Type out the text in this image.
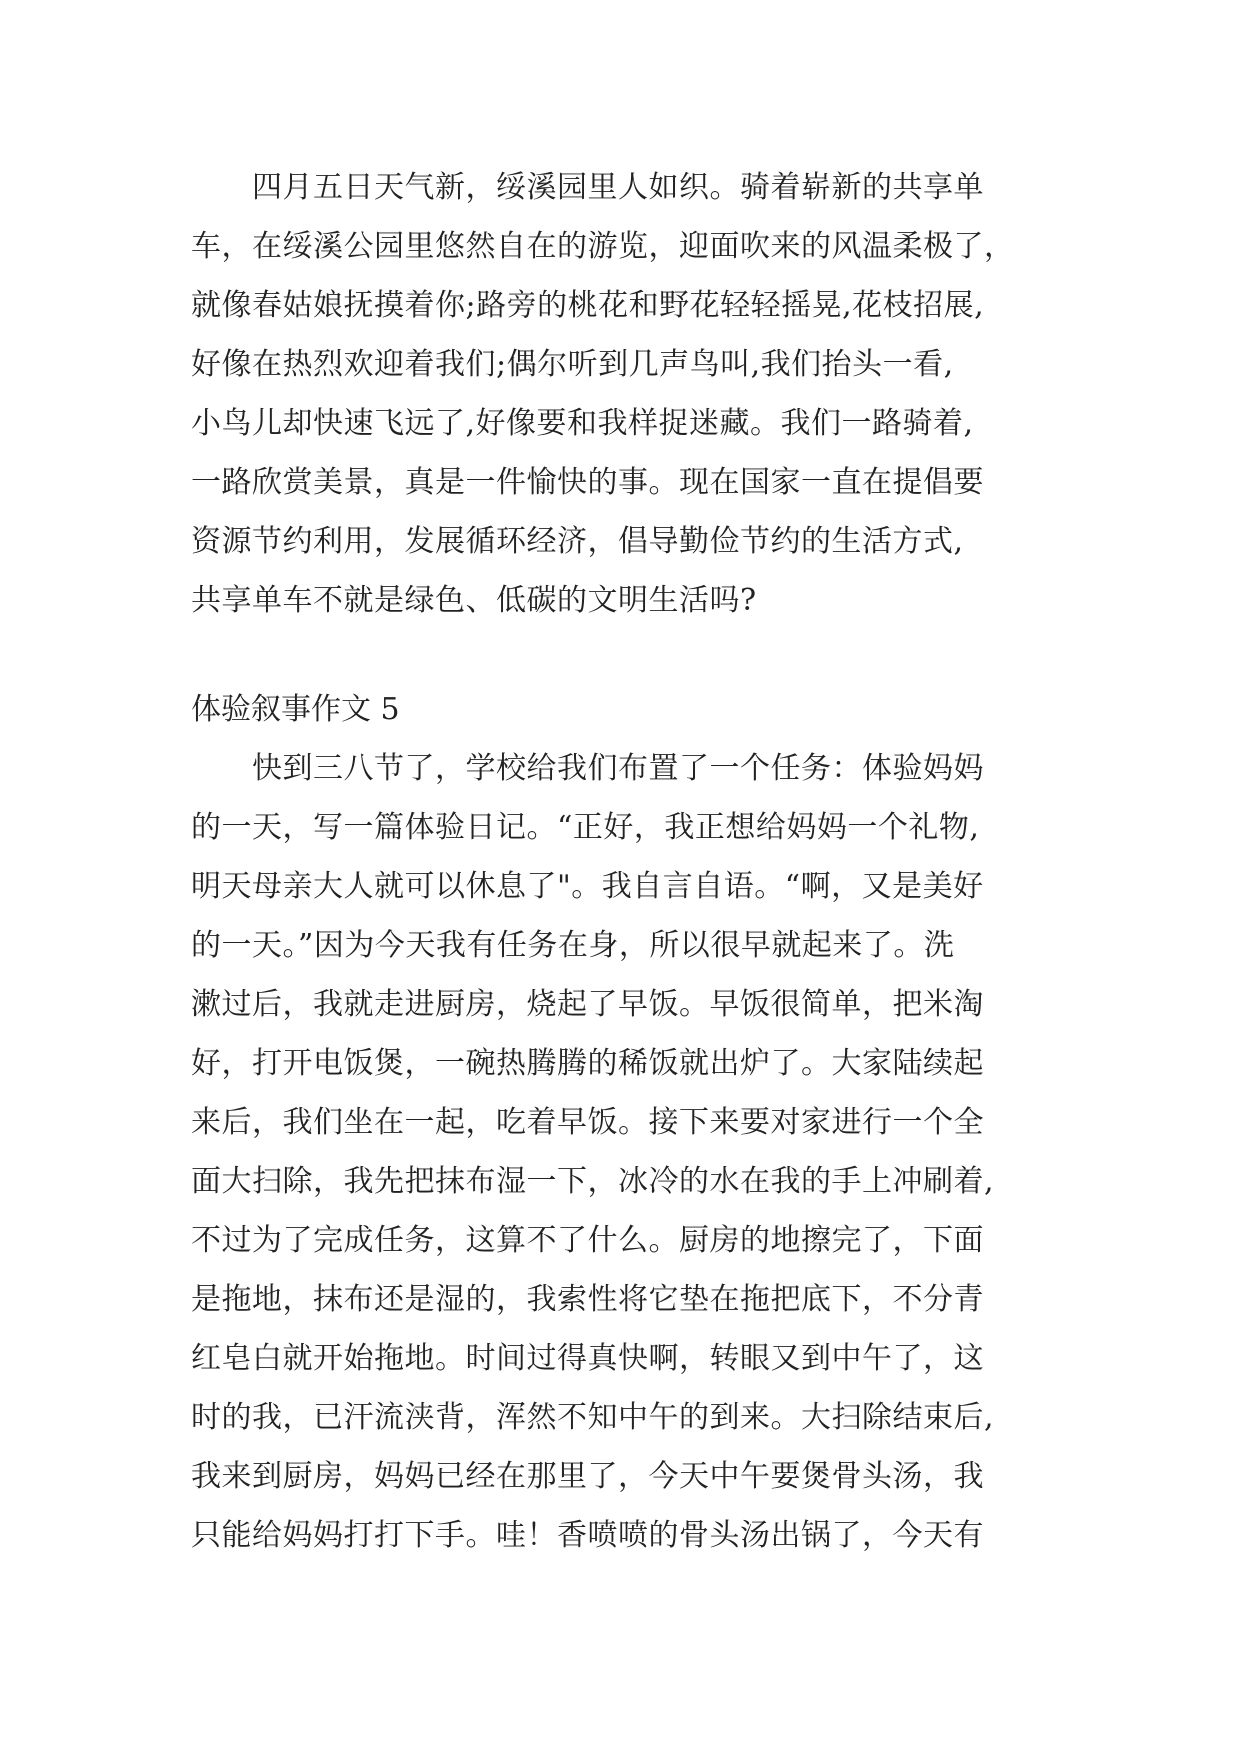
　　四月五日天气新，绥溪园里人如织。骑着崭新的共享单
车，在绥溪公园里悠然自在的游览，迎面吹来的风温柔极了，
就像春姑娘抚摸着你;路旁的桃花和野花轻轻摇晃,花枝招展,
好像在热烈欢迎着我们;偶尔听到几声鸟叫,我们抬头一看,
小鸟儿却快速飞远了,好像要和我样捉迷藏。我们一路骑着,
一路欣赏美景，真是一件愉快的事。现在国家一直在提倡要
资源节约利用，发展循环经济，倡导勤俭节约的生活方式,
共享单车不就是绿色、低碳的文明生活吗?
体验叙事作文 5
　　快到三八节了，学校给我们布置了一个任务：体验妈妈
的一天，写一篇体验日记。“正好，我正想给妈妈一个礼物,
明天母亲大人就可以休息了"。我自言自语。“啊，又是美好
的一天。”因为今天我有任务在身，所以很早就起来了。洗
漱过后，我就走进厨房，烧起了早饭。早饭很简单，把米淘
好，打开电饭煲，一碗热腾腾的稀饭就出炉了。大家陆续起
来后，我们坐在一起，吃着早饭。接下来要对家进行一个全
面大扫除，我先把抹布湿一下，冰冷的水在我的手上冲刷着,
不过为了完成任务，这算不了什么。厨房的地擦完了，下面
是拖地，抹布还是湿的，我索性将它垫在拖把底下，不分青
红皂白就开始拖地。时间过得真快啊，转眼又到中午了，这
时的我，已汗流浃背，浑然不知中午的到来。大扫除结束后,
我来到厨房，妈妈已经在那里了，今天中午要煲骨头汤，我
只能给妈妈打打下手。哇！香喷喷的骨头汤出锅了，今天有
